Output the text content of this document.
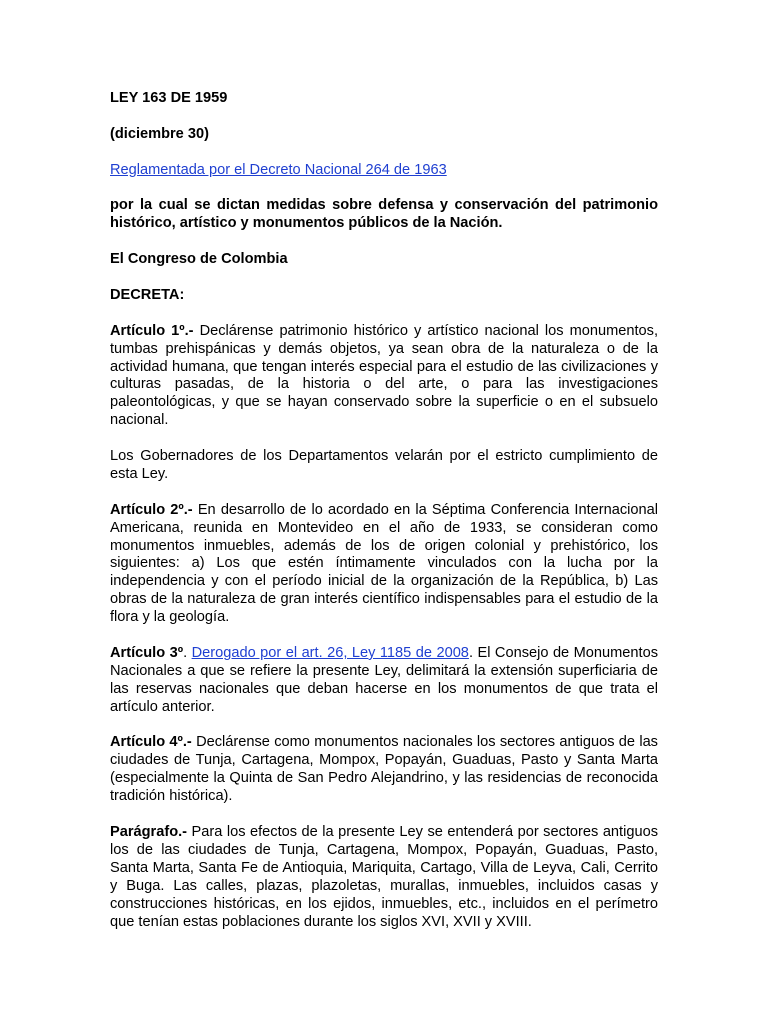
LEY 163 DE 1959

(diciembre 30)

Reglamentada por el Decreto Nacional 264 de 1963

por la cual se dictan medidas sobre defensa y conservación del patrimonio histórico, artístico y monumentos públicos de la Nación.

El Congreso de Colombia

DECRETA:

Artículo 1º.- Declárense patrimonio histórico y artístico nacional los monumentos, tumbas prehispánicas y demás objetos, ya sean obra de la naturaleza o de la actividad humana, que tengan interés especial para el estudio de las civilizaciones y culturas pasadas, de la historia o del arte, o para las investigaciones paleontológicas, y que se hayan conservado sobre la superficie o en el subsuelo nacional.

Los Gobernadores de los Departamentos velarán por el estricto cumplimiento de esta Ley.

Artículo 2º.- En desarrollo de lo acordado en la Séptima Conferencia Internacional Americana, reunida en Montevideo en el año de 1933, se consideran como monumentos inmuebles, además de los de origen colonial y prehistórico, los siguientes: a) Los que estén íntimamente vinculados con la lucha por la independencia y con el período inicial de la organización de la República, b) Las obras de la naturaleza de gran interés científico indispensables para el estudio de la flora y la geología.

Artículo 3º. Derogado por el art. 26, Ley 1185 de 2008. El Consejo de Monumentos Nacionales a que se refiere la presente Ley, delimitará la extensión superficiaria de las reservas nacionales que deban hacerse en los monumentos de que trata el artículo anterior.

Artículo 4º.- Declárense como monumentos nacionales los sectores antiguos de las ciudades de Tunja, Cartagena, Mompox, Popayán, Guaduas, Pasto y Santa Marta (especialmente la Quinta de San Pedro Alejandrino, y las residencias de reconocida tradición histórica).

Parágrafo.- Para los efectos de la presente Ley se entenderá por sectores antiguos los de las ciudades de Tunja, Cartagena, Mompox, Popayán, Guaduas, Pasto, Santa Marta, Santa Fe de Antioquia, Mariquita, Cartago, Villa de Leyva, Cali, Cerrito y Buga. Las calles, plazas, plazoletas, murallas, inmuebles, incluidos casas y construcciones históricas, en los ejidos, inmuebles, etc., incluidos en el perímetro que tenían estas poblaciones durante los siglos XVI, XVII y XVIII.
